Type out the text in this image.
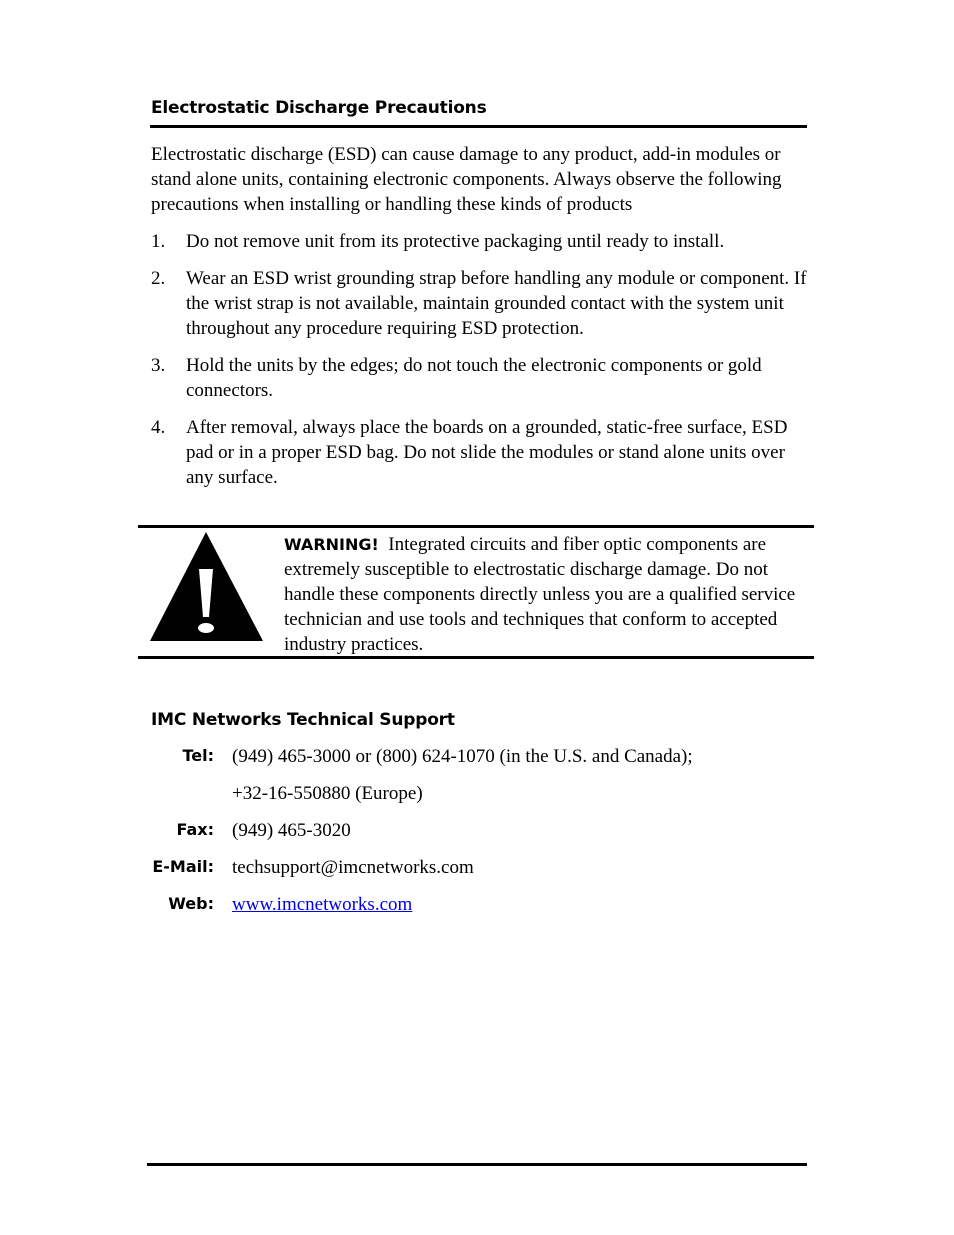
Electrostatic Discharge Precautions

Electrostatic discharge (ESD) can cause damage to any product, add-in modules or stand alone units, containing electronic components. Always observe the following precautions when installing or handling these kinds of products

1. Do not remove unit from its protective packaging until ready to install.
2. Wear an ESD wrist grounding strap before handling any module or component. If the wrist strap is not available, maintain grounded contact with the system unit throughout any procedure requiring ESD protection.
3. Hold the units by the edges; do not touch the electronic components or gold connectors.
4. After removal, always place the boards on a grounded, static-free surface, ESD pad or in a proper ESD bag. Do not slide the modules or stand alone units over any surface.

WARNING! Integrated circuits and fiber optic components are extremely susceptible to electrostatic discharge damage. Do not handle these components directly unless you are a qualified service technician and use tools and techniques that conform to accepted industry practices.

IMC Networks Technical Support
Tel: (949) 465-3000 or (800) 624-1070 (in the U.S. and Canada);
+32-16-550880 (Europe)
Fax: (949) 465-3020
E-Mail: techsupport@imcnetworks.com
Web: www.imcnetworks.com
